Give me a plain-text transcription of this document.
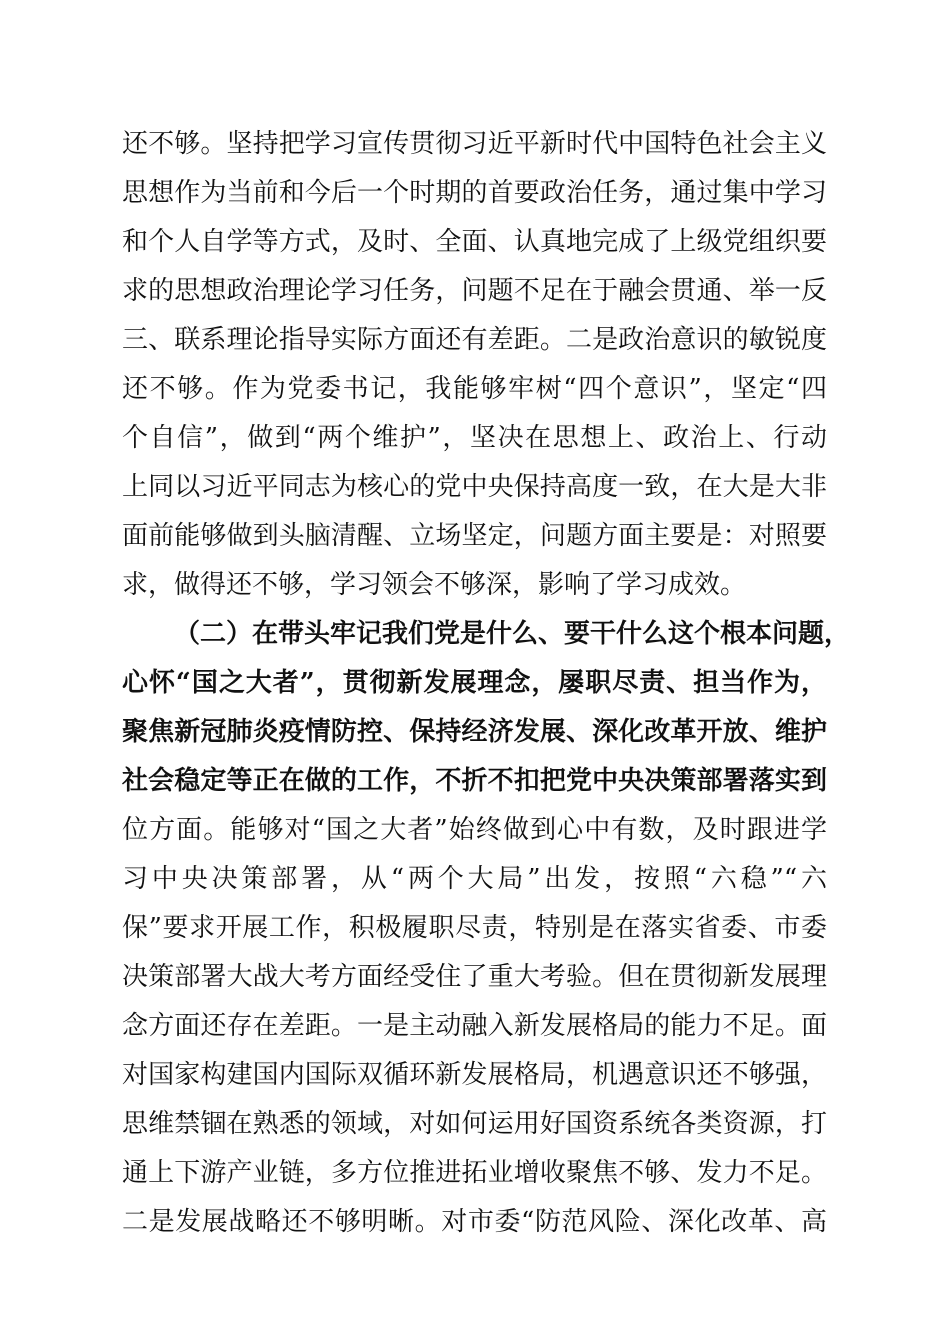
还不够。坚持把学习宣传贯彻习近平新时代中国特色社会主义
思想作为当前和今后一个时期的首要政治任务，通过集中学习
和个人自学等方式，及时、全面、认真地完成了上级党组织要
求的思想政治理论学习任务，问题不足在于融会贯通、举一反
三、联系理论指导实际方面还有差距。二是政治意识的敏锐度
还不够。作为党委书记，我能够牢树“四个意识”，坚定“四
个自信”，做到“两个维护”，坚决在思想上、政治上、行动
上同以习近平同志为核心的党中央保持高度一致，在大是大非
面前能够做到头脑清醒、立场坚定，问题方面主要是：对照要
求，做得还不够，学习领会不够深，影响了学习成效。
（二）在带头牢记我们党是什么、要干什么这个根本问题，
心怀“国之大者”，贯彻新发展理念，屡职尽责、担当作为，
聚焦新冠肺炎疫情防控、保持经济发展、深化改革开放、维护
社会稳定等正在做的工作，不折不扣把党中央决策部署落实到
位方面。能够对“国之大者”始终做到心中有数，及时跟进学
习中央决策部署，从“两个大局”出发，按照“六稳”“六
保”要求开展工作，积极履职尽责，特别是在落实省委、市委
决策部署大战大考方面经受住了重大考验。但在贯彻新发展理
念方面还存在差距。一是主动融入新发展格局的能力不足。面
对国家构建国内国际双循环新发展格局，机遇意识还不够强，
思维禁锢在熟悉的领域，对如何运用好国资系统各类资源，打
通上下游产业链，多方位推进拓业增收聚焦不够、发力不足。
二是发展战略还不够明晰。对市委“防范风险、深化改革、高
